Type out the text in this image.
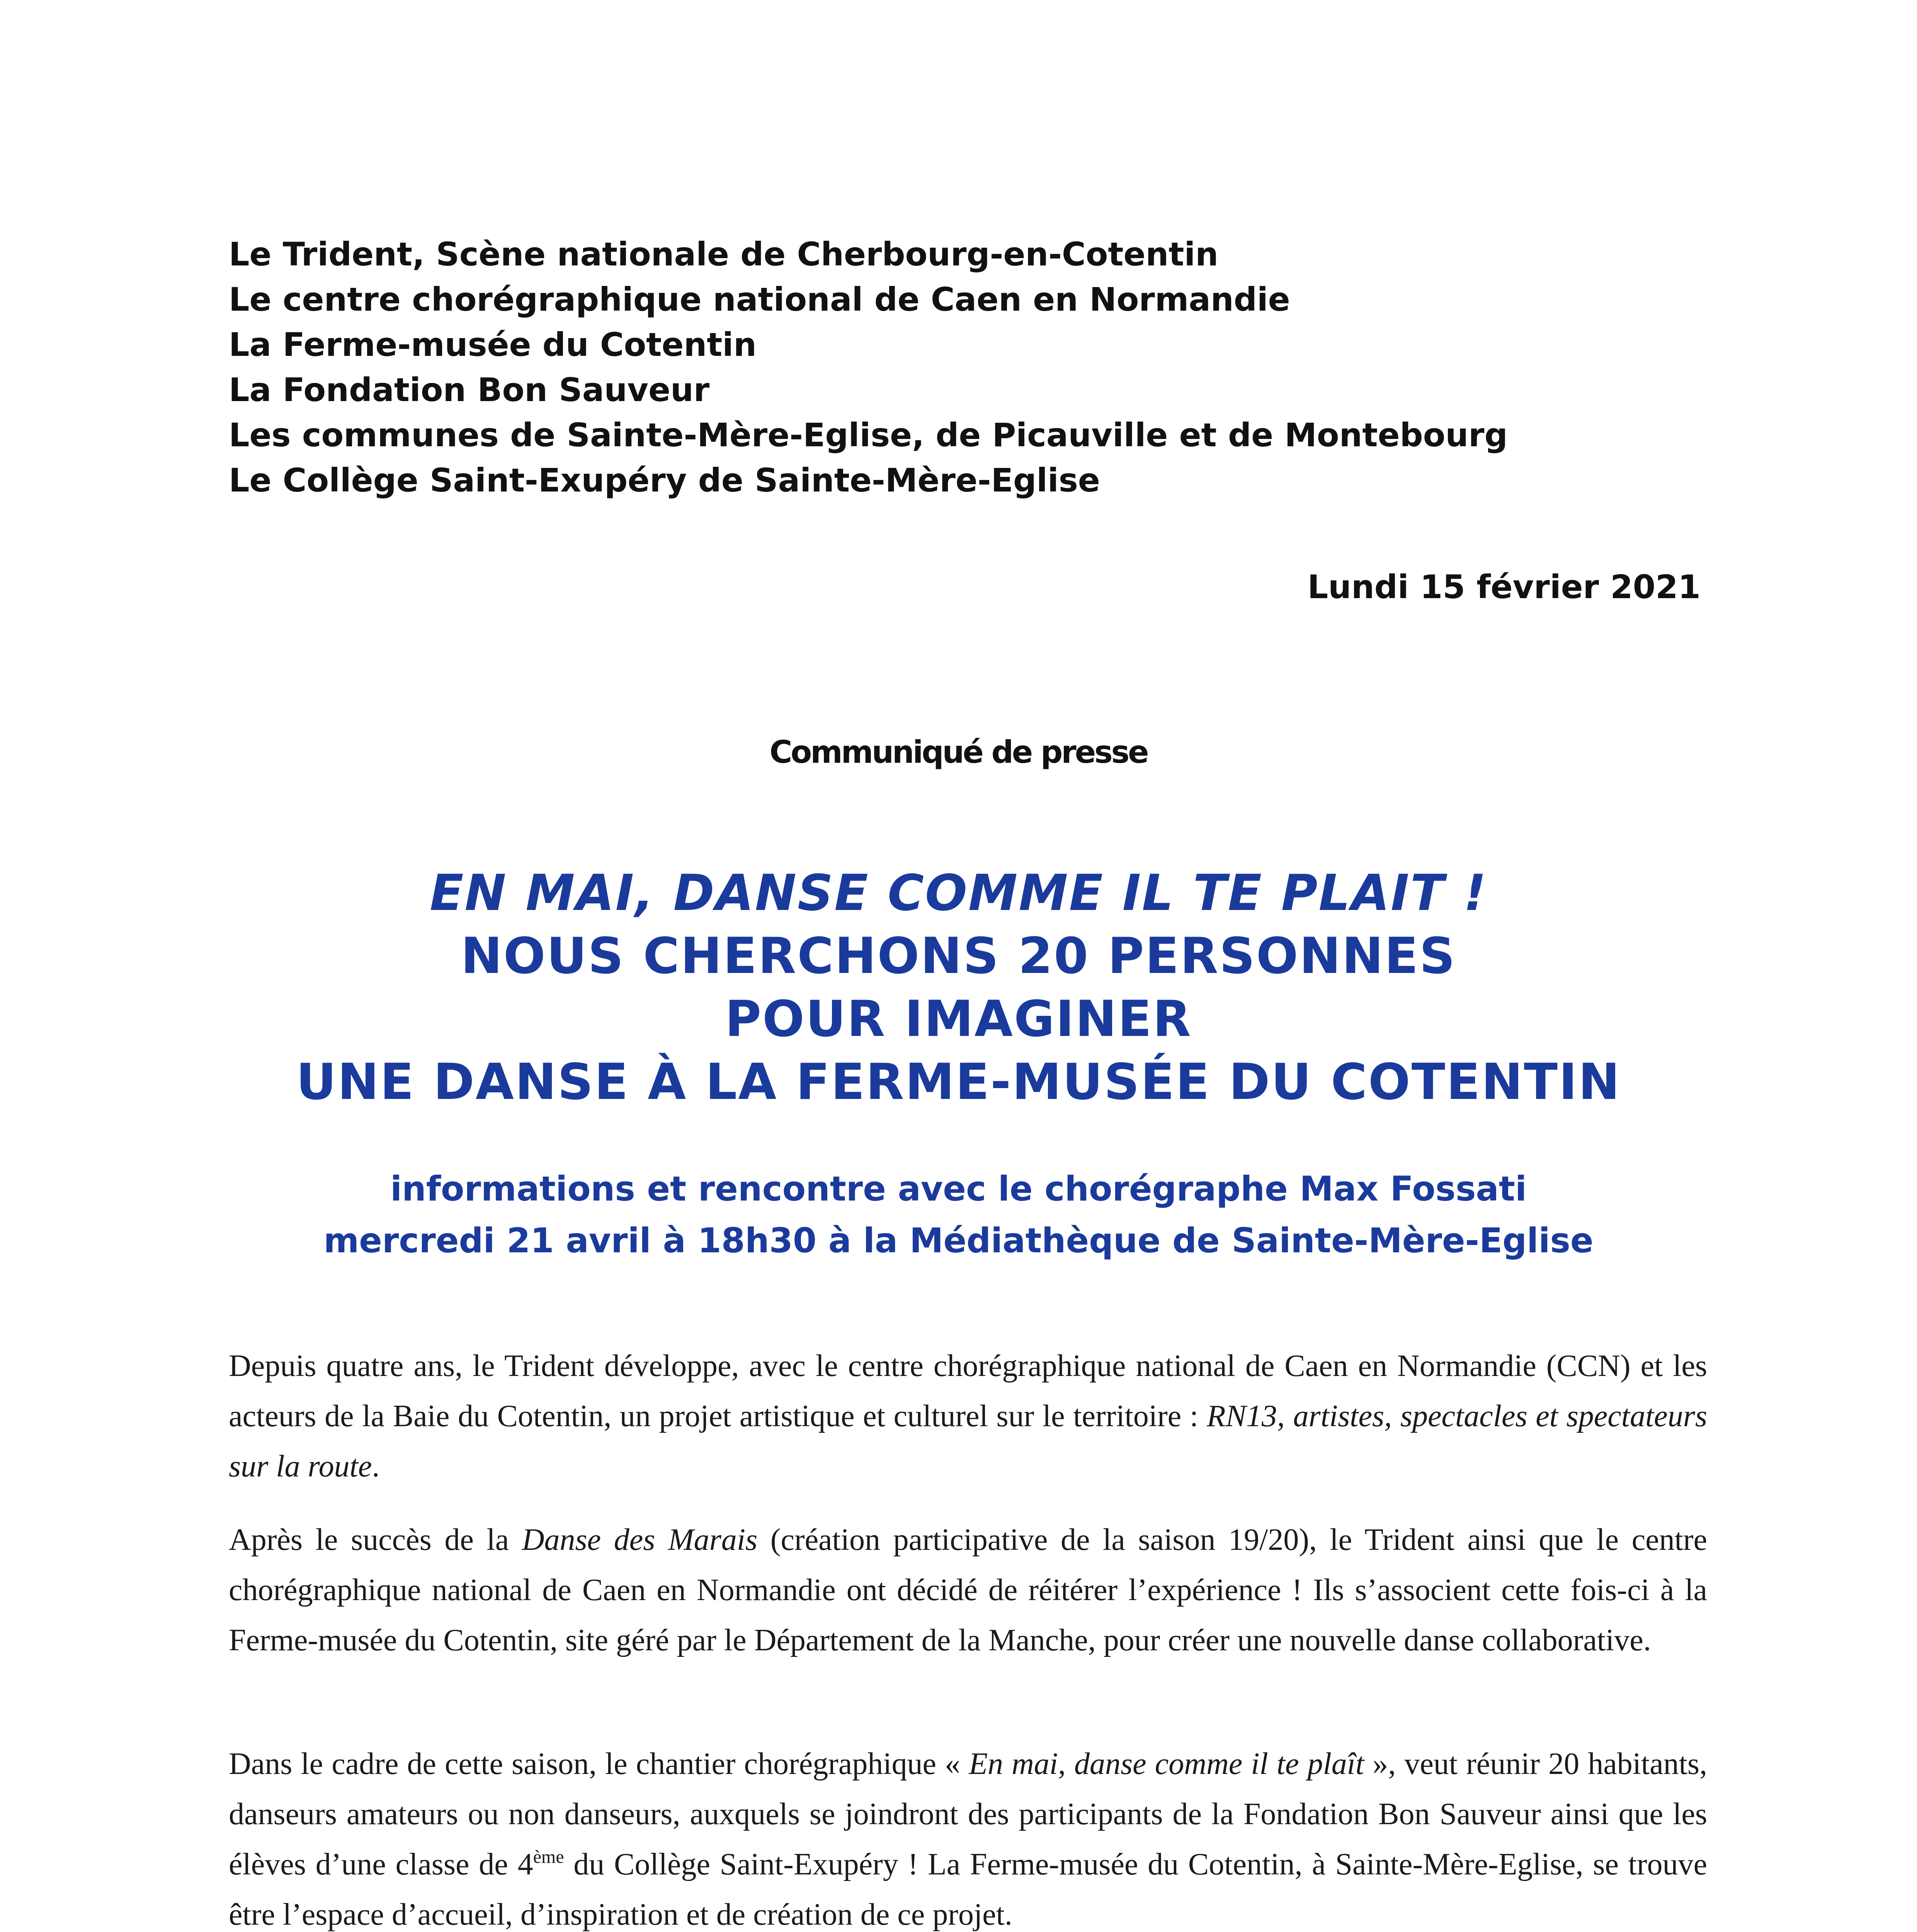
Le Trident, Scène nationale de Cherbourg-en-Cotentin
Le centre chorégraphique national de Caen en Normandie
La Ferme-musée du Cotentin
La Fondation Bon Sauveur
Les communes de Sainte-Mère-Eglise, de Picauville et de Montebourg
Le Collège Saint-Exupéry de Sainte-Mère-Eglise
Lundi 15 février 2021
Communiqué de presse
EN MAI, DANSE COMME IL TE PLAIT !
NOUS CHERCHONS 20 PERSONNES
POUR IMAGINER
UNE DANSE À LA FERME-MUSÉE DU COTENTIN
informations et rencontre avec le chorégraphe Max Fossati
mercredi 21 avril à 18h30 à la Médiathèque de Sainte-Mère-Eglise

Depuis quatre ans, le Trident développe, avec le centre chorégraphique national de Caen en Normandie (CCN) et les acteurs de la Baie du Cotentin, un projet artistique et culturel sur le territoire : RN13, artistes, spectacles et spectateurs sur la route.

Après le succès de la Danse des Marais (création participative de la saison 19/20), le Trident ainsi que le centre chorégraphique national de Caen en Normandie ont décidé de réitérer l’expérience ! Ils s’associent cette fois-ci à la Ferme-musée du Cotentin, site géré par le Département de la Manche, pour créer une nouvelle danse collaborative.

Dans le cadre de cette saison, le chantier chorégraphique « En mai, danse comme il te plaît », veut réunir 20 habitants, danseurs amateurs ou non danseurs, auxquels se joindront des participants de la Fondation Bon Sauveur ainsi que les élèves d’une classe de 4ème du Collège Saint-Exupéry ! La Ferme-musée du Cotentin, à Sainte-Mère-Eglise, se trouve être l’espace d’accueil, d’inspiration et de création de ce projet.
